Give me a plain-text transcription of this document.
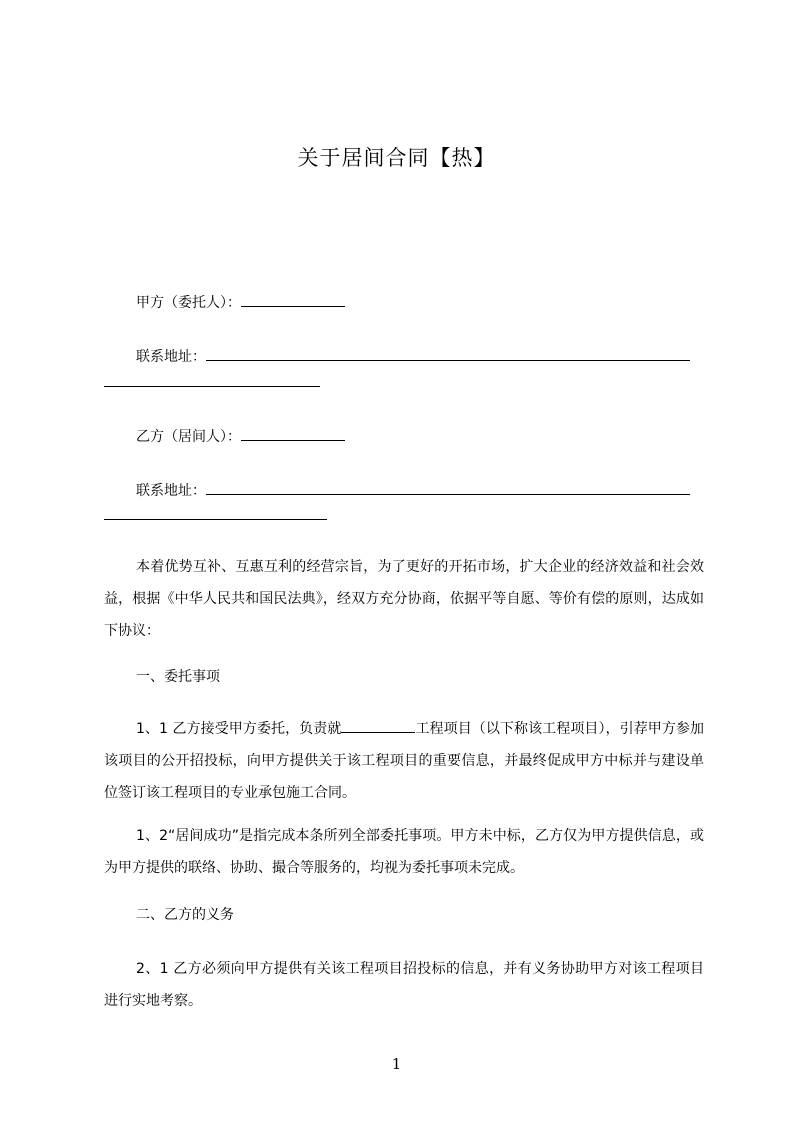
关于居间合同【热】
甲方（委托人）：
联系地址：
乙方（居间人）：
联系地址：
本着优势互补、互惠互利的经营宗旨，为了更好的开拓市场，扩大企业的经济效益和社会效益，根据《中华人民共和国民法典》，经双方充分协商，依据平等自愿、等价有偿的原则，达成如下协议：
一、委托事项
1、1 乙方接受甲方委托，负责就	工程项目（以下称该工程项目），引荐甲方参加该项目的公开招投标，向甲方提供关于该工程项目的重要信息，并最终促成甲方中标并与建设单位签订该工程项目的专业承包施工合同。
1、2“居间成功”是指完成本条所列全部委托事项。甲方未中标，乙方仅为甲方提供信息，或为甲方提供的联络、协助、撮合等服务的，均视为委托事项未完成。
二、乙方的义务
2、1 乙方必须向甲方提供有关该工程项目招投标的信息，并有义务协助甲方对该工程项目进行实地考察。
1
